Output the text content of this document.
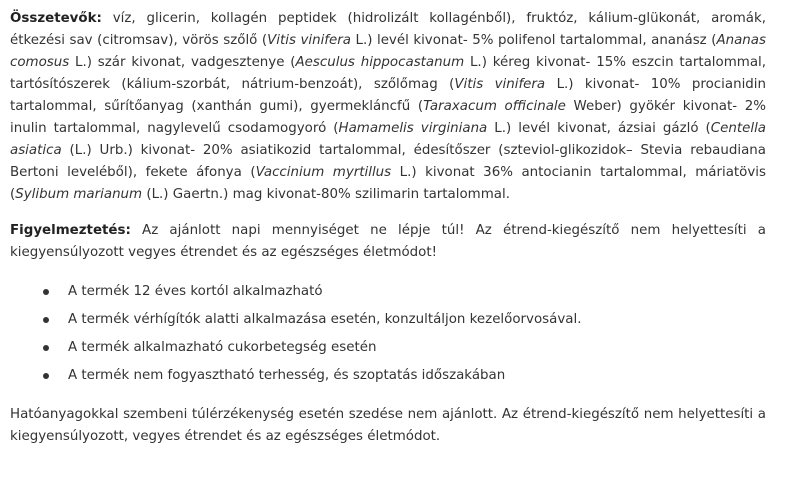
Összetevők: víz, glicerin, kollagén peptidek (hidrolizált kollagénből), fruktóz, kálium-glükonát, aromák, étkezési sav (citromsav), vörös szőlő (Vitis vinifera L.) levél kivonat- 5% polifenol tartalommal, ananász (Ananas comosus L.) szár kivonat, vadgesztenye (Aesculus hippocastanum L.) kéreg kivonat- 15% eszcin tartalommal, tartósítószerek (kálium-szorbát, nátrium-benzoát), szőlőmag (Vitis vinifera L.) kivonat- 10% procianidin tartalommal, sűrítőanyag (xanthán gumi), gyermekláncfű (Taraxacum officinale Weber) gyökér kivonat- 2% inulin tartalommal, nagylevelű csodamogyoró (Hamamelis virginiana L.) levél kivonat, ázsiai gázló (Centella asiatica (L.) Urb.) kivonat- 20% asiatikozid tartalommal, édesítőszer (szteviol-glikozidok– Stevia rebaudiana Bertoni leveléből), fekete áfonya (Vaccinium myrtillus L.) kivonat 36% antocianin tartalommal, máriatövis (Sylibum marianum (L.) Gaertn.) mag kivonat-80% szilimarin tartalommal.

Figyelmeztetés: Az ajánlott napi mennyiséget ne lépje túl! Az étrend-kiegészítő nem helyettesíti a kiegyensúlyozott vegyes étrendet és az egészséges életmódot!

A termék 12 éves kortól alkalmazható
A termék vérhígítók alatti alkalmazása esetén, konzultáljon kezelőorvosával.
A termék alkalmazható cukorbetegség esetén
A termék nem fogyasztható terhesség, és szoptatás időszakában

Hatóanyagokkal szembeni túlérzékenység esetén szedése nem ajánlott. Az étrend-kiegészítő nem helyettesíti a kiegyensúlyozott, vegyes étrendet és az egészséges életmódot.
